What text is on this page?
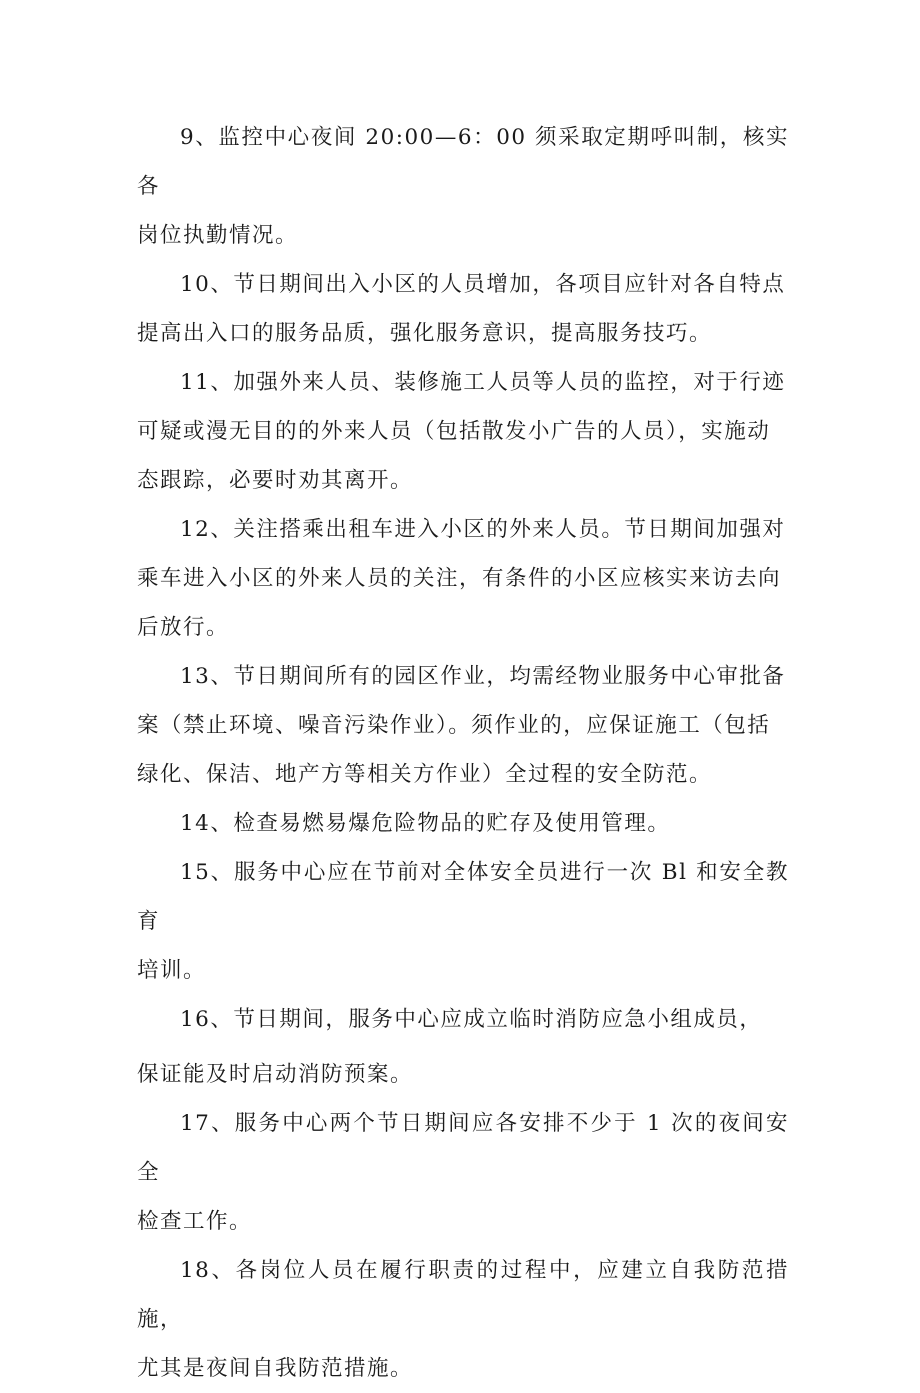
9、监控中心夜间 20:00—6：00 须采取定期呼叫制，核实各
岗位执勤情况。

10、节日期间出入小区的人员增加，各项目应针对各自特点
提高出入口的服务品质，强化服务意识，提高服务技巧。

11、加强外来人员、装修施工人员等人员的监控，对于行迹
可疑或漫无目的的外来人员（包括散发小广告的人员），实施动
态跟踪，必要时劝其离开。

12、关注搭乘出租车进入小区的外来人员。节日期间加强对
乘车进入小区的外来人员的关注，有条件的小区应核实来访去向
后放行。

13、节日期间所有的园区作业，均需经物业服务中心审批备
案（禁止环境、噪音污染作业）。须作业的，应保证施工（包括
绿化、保洁、地产方等相关方作业）全过程的安全防范。

14、检查易燃易爆危险物品的贮存及使用管理。

15、服务中心应在节前对全体安全员进行一次 Bl 和安全教育
培训。

16、节日期间，服务中心应成立临时消防应急小组成员，
保证能及时启动消防预案。

17、服务中心两个节日期间应各安排不少于 1 次的夜间安全
检查工作。

18、各岗位人员在履行职责的过程中，应建立自我防范措施，
尤其是夜间自我防范措施。
